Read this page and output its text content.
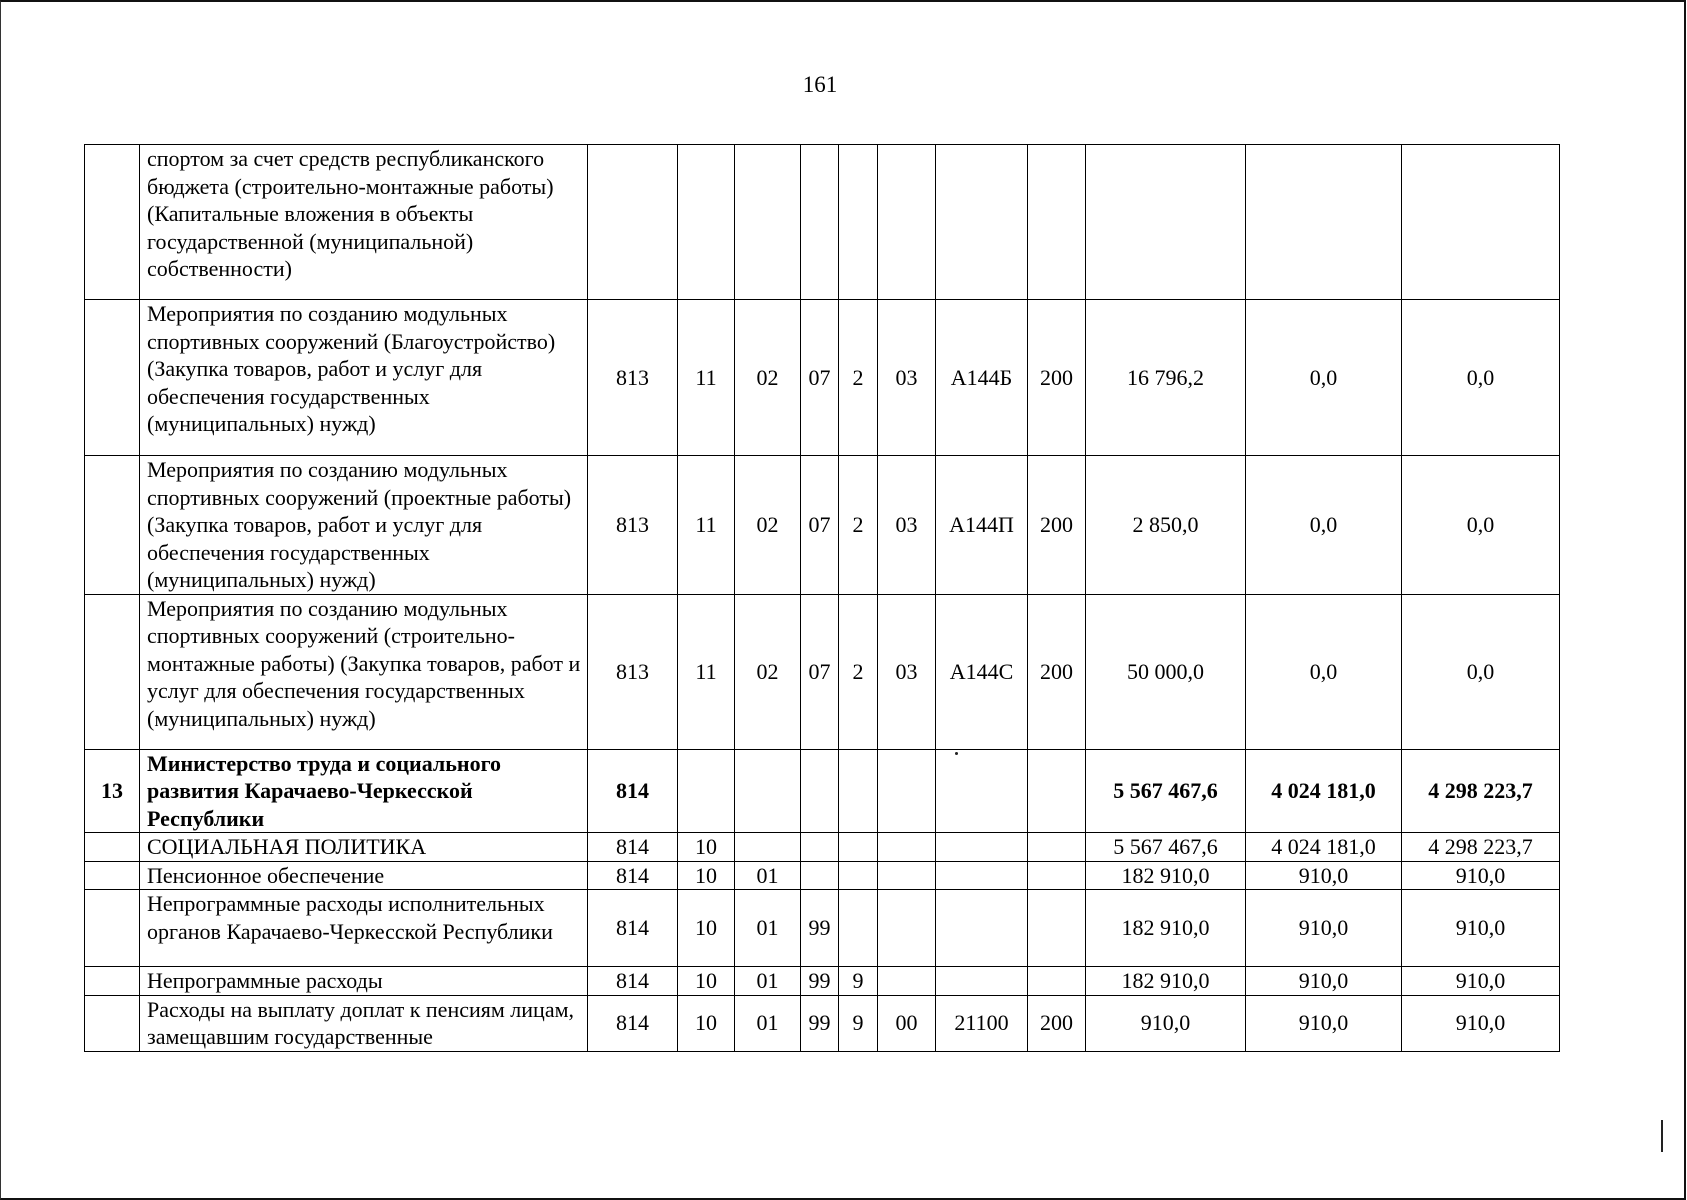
161
	спортом за счет средств республиканского бюджета (строительно-монтажные работы) (Капитальные вложения в объекты государственной (муниципальной) собственности)											
	Мероприятия по созданию модульных спортивных сооружений (Благоустройство) (Закупка товаров, работ и услуг для обеспечения государственных (муниципальных) нужд)	813	11	02	07	2	03	А144Б	200	16 796,2	0,0	0,0
	Мероприятия по созданию модульных спортивных сооружений (проектные работы) (Закупка товаров, работ и услуг для обеспечения государственных (муниципальных) нужд)	813	11	02	07	2	03	А144П	200	2 850,0	0,0	0,0
	Мероприятия по созданию модульных спортивных сооружений (строительно-монтажные работы) (Закупка товаров, работ и услуг для обеспечения государственных (муниципальных) нужд)	813	11	02	07	2	03	А144С	200	50 000,0	0,0	0,0
13	Министерство труда и социального развития Карачаево-Черкесской Республики	814								5 567 467,6	4 024 181,0	4 298 223,7
	СОЦИАЛЬНАЯ ПОЛИТИКА	814	10							5 567 467,6	4 024 181,0	4 298 223,7
	Пенсионное обеспечение	814	10	01						182 910,0	910,0	910,0
	Непрограммные расходы исполнительных органов Карачаево-Черкесской Республики	814	10	01	99					182 910,0	910,0	910,0
	Непрограммные расходы	814	10	01	99	9				182 910,0	910,0	910,0
	Расходы на выплату доплат к пенсиям лицам, замещавшим государственные	814	10	01	99	9	00	21100	200	910,0	910,0	910,0
